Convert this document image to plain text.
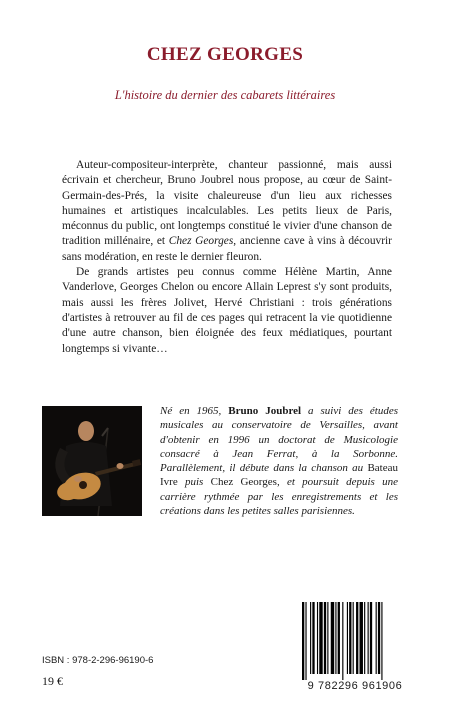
CHEZ GEORGES
L'histoire du dernier des cabarets littéraires

Auteur-compositeur-interprète, chanteur passionné, mais aussi écrivain et chercheur, Bruno Joubrel nous propose, au cœur de Saint-Germain-des-Prés, la visite chaleureuse d'un lieu aux richesses humaines et artistiques incalculables. Les petits lieux de Paris, méconnus du public, ont longtemps constitué le vivier d'une chanson de tradition millénaire, et Chez Georges, ancienne cave à vins à découvrir sans modération, en reste le dernier fleuron.

De grands artistes peu connus comme Hélène Martin, Anne Vanderlove, Georges Chelon ou encore Allain Leprest s'y sont produits, mais aussi les frères Jolivet, Hervé Christiani : trois générations d'artistes à retrouver au fil de ces pages qui retracent la vie quotidienne d'une autre chanson, bien éloignée des feux médiatiques, pourtant longtemps si vivante…

Né en 1965, Bruno Joubrel a suivi des études musicales au conservatoire de Versailles, avant d'obtenir en 1996 un doctorat de Musicologie consacré à Jean Ferrat, à la Sorbonne. Parallèlement, il débute dans la chanson au Bateau Ivre puis Chez Georges, et poursuit depuis une carrière rythmée par les enregistrements et les créations dans les petites salles parisiennes.
ISBN : 978-2-296-96190-6
19 €	9 782296 961906
